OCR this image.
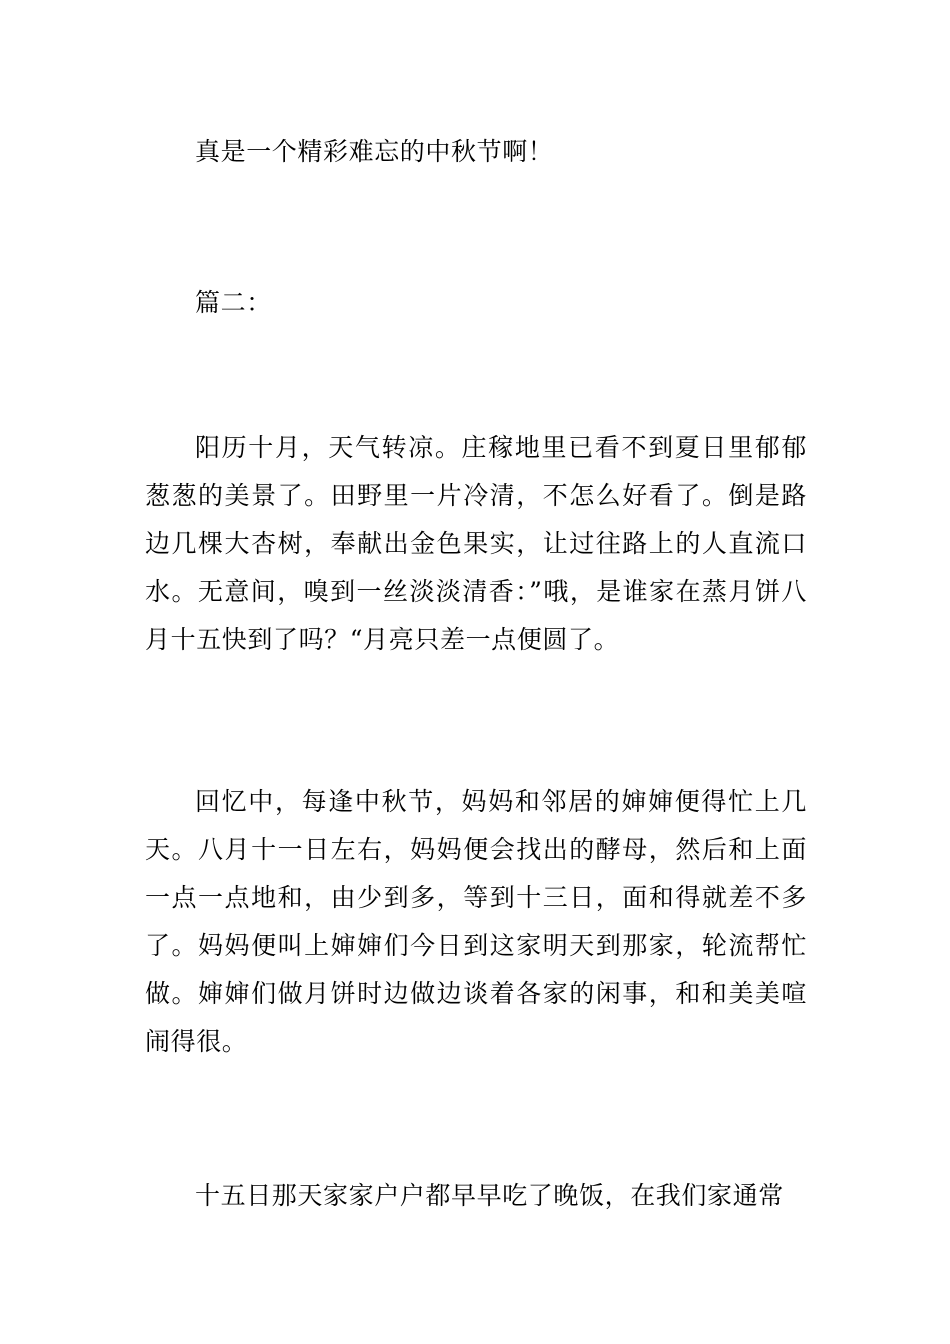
真是一个精彩难忘的中秋节啊！

篇二：

阳历十月，天气转凉。庄稼地里已看不到夏日里郁郁葱葱的美景了。田野里一片冷清，不怎么好看了。倒是路边几棵大杏树，奉献出金色果实，让过往路上的人直流口水。无意间，嗅到一丝淡淡清香：”哦，是谁家在蒸月饼八月十五快到了吗？“月亮只差一点便圆了。

回忆中，每逢中秋节，妈妈和邻居的婶婶便得忙上几天。八月十一日左右，妈妈便会找出的酵母，然后和上面一点一点地和，由少到多，等到十三日，面和得就差不多了。妈妈便叫上婶婶们今日到这家明天到那家，轮流帮忙做。婶婶们做月饼时边做边谈着各家的闲事，和和美美喧闹得很。

十五日那天家家户户都早早吃了晚饭，在我们家通常
